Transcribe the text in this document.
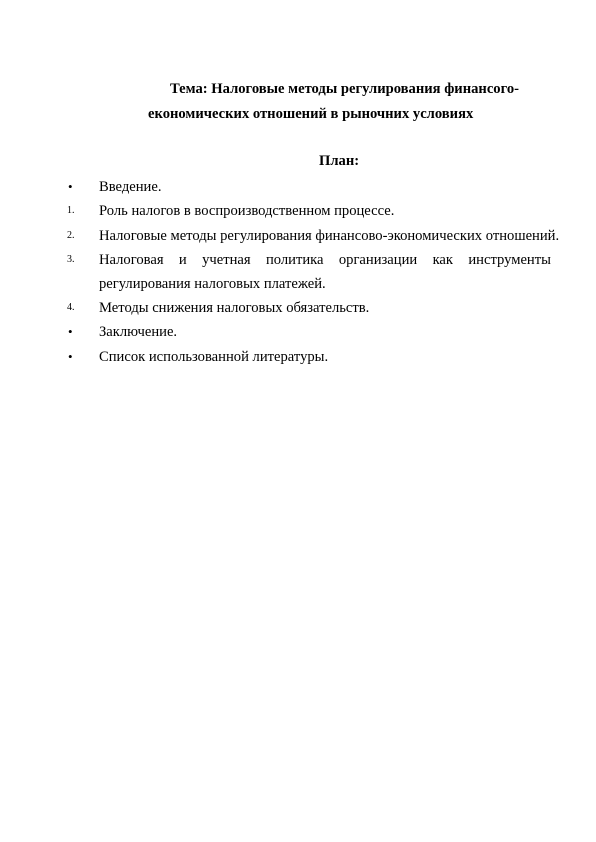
Тема: Налоговые методы регулирования финансого-
економических отношений в рыночних уcловиях
План:
• Введение.
1. Роль налогов в воспроизводственном процессе.
2. Налоговые методы регулирования финансово-экономических отношений.
3. Налоговая и учетная политика организации как инструменты
регулирования налоговых платежей.
4. Методы снижения налоговых обязательств.
• Заключение.
• Список использованной литературы.
